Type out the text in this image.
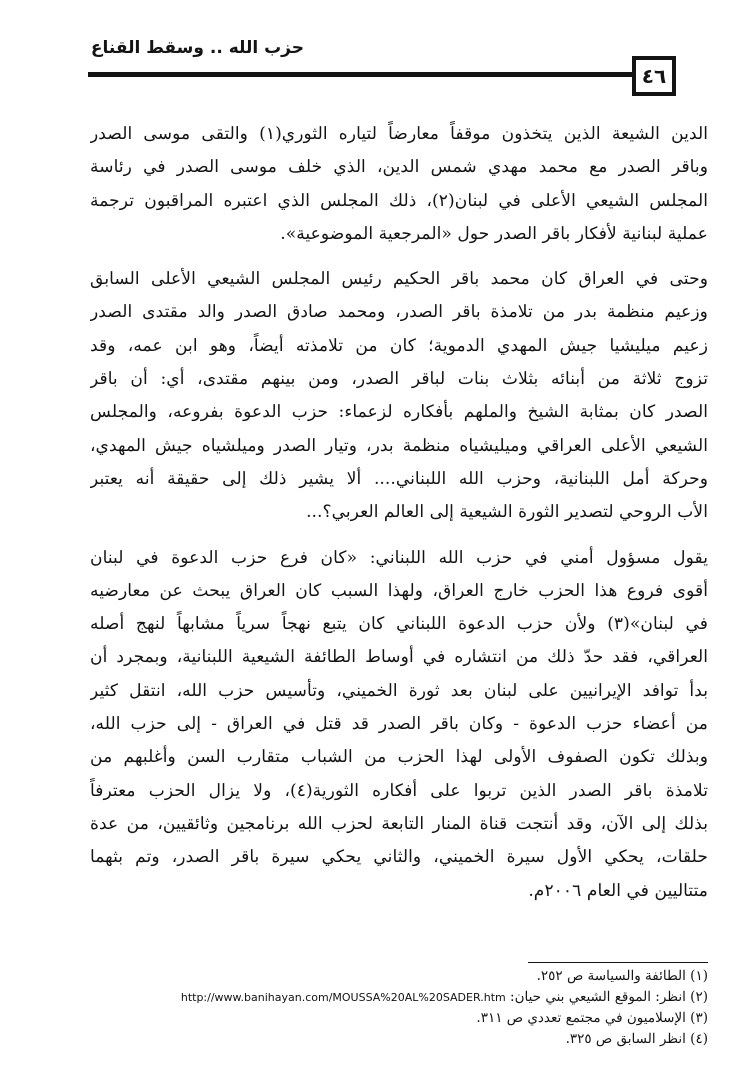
حزب الله .. وسقط القناع
٤٦

الدين الشيعة الذين يتخذون موقفاً معارضاً لتياره الثوري(١) والتقى موسى الصدر
وباقر الصدر مع محمد مهدي شمس الدين، الذي خلف موسى الصدر في رئاسة
المجلس الشيعي الأعلى في لبنان(٢)، ذلك المجلس الذي اعتبره المراقبون ترجمة
عملية لبنانية لأفكار باقر الصدر حول «المرجعية الموضوعية».

وحتى في العراق كان محمد باقر الحكيم رئيس المجلس الشيعي الأعلى السابق
وزعيم منظمة بدر من تلامذة باقر الصدر، ومحمد صادق الصدر والد مقتدى الصدر
زعيم ميليشيا جيش المهدي الدموية؛ كان من تلامذته أيضاً، وهو ابن عمه، وقد
تزوج ثلاثة من أبنائه بثلاث بنات لباقر الصدر، ومن بينهم مقتدى، أي: أن باقر
الصدر كان بمثابة الشيخ والملهم بأفكاره لزعماء: حزب الدعوة بفروعه، والمجلس
الشيعي الأعلى العراقي وميليشياه منظمة بدر، وتيار الصدر وميلشياه جيش المهدي،
وحركة أمل اللبنانية، وحزب الله اللبناني.... ألا يشير ذلك إلى حقيقة أنه يعتبر
الأب الروحي لتصدير الثورة الشيعية إلى العالم العربي؟...

يقول مسؤول أمني في حزب الله اللبناني: «كان فرع حزب الدعوة في لبنان
أقوى فروع هذا الحزب خارج العراق، ولهذا السبب كان العراق يبحث عن معارضيه
في لبنان»(٣) ولأن حزب الدعوة اللبناني كان يتبع نهجاً سرياً مشابهاً لنهج أصله
العراقي، فقد حدّ ذلك من انتشاره في أوساط الطائفة الشيعية اللبنانية، وبمجرد أن
بدأ توافد الإيرانيين على لبنان بعد ثورة الخميني، وتأسيس حزب الله، انتقل كثير
من أعضاء حزب الدعوة - وكان باقر الصدر قد قتل في العراق - إلى حزب الله،
وبذلك تكون الصفوف الأولى لهذا الحزب من الشباب متقارب السن وأغلبهم من
تلامذة باقر الصدر الذين تربوا على أفكاره الثورية(٤)، ولا يزال الحزب معترفاً
بذلك إلى الآن، وقد أنتجت قناة المنار التابعة لحزب الله برنامجين وثائقيين، من عدة
حلقات، يحكي الأول سيرة الخميني، والثاني يحكي سيرة باقر الصدر، وتم بثهما
متتاليين في العام ٢٠٠٦م.

(١) الطائفة والسياسة ص ٢٥٢.
(٢) انظر: الموقع الشيعي بني حيان: http://www.banihayan.com/MOUSSA%20AL%20SADER.htm
(٣) الإسلاميون في مجتمع تعددي ص ٣١١.
(٤) انظر السابق ص ٣٢٥.
